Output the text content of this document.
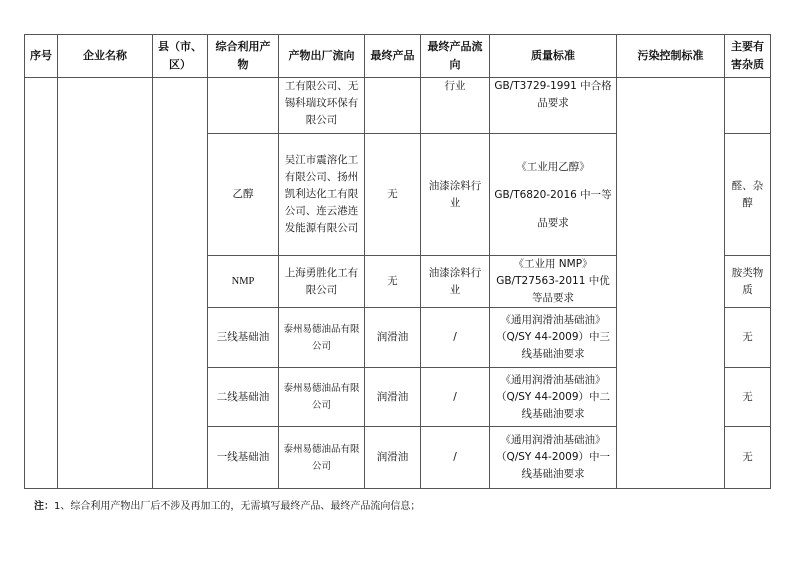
序号	企业名称	县（市、区）	综合利用产物	产物出厂流向	最终产品	最终产品流向	质量标准	污染控制标准	主要有害杂质
				工有限公司、无锡科瑞玟环保有限公司		行业	GB/T3729-1991 中合格品要求		
			乙醇	吴江市震溶化工有限公司、扬州凯利达化工有限公司、连云港连发能源有限公司	无	油漆涂料行业	《工业用乙醇》GB/T6820-2016 中一等品要求		醛、杂醇
			NMP	上海勇胜化工有限公司	无	油漆涂料行业	《工业用 NMP》GB/T27563-2011 中优等品要求		胺类物质
			三线基础油	泰州易德油品有限公司	润滑油	/	《通用润滑油基础油》（Q/SY 44-2009）中三线基础油要求		无
			二线基础油	泰州易德油品有限公司	润滑油	/	《通用润滑油基础油》（Q/SY 44-2009）中二线基础油要求		无
			一线基础油	泰州易德油品有限公司	润滑油	/	《通用润滑油基础油》（Q/SY 44-2009）中一线基础油要求		无
注：1、综合利用产物出厂后不涉及再加工的，无需填写最终产品、最终产品流向信息；
